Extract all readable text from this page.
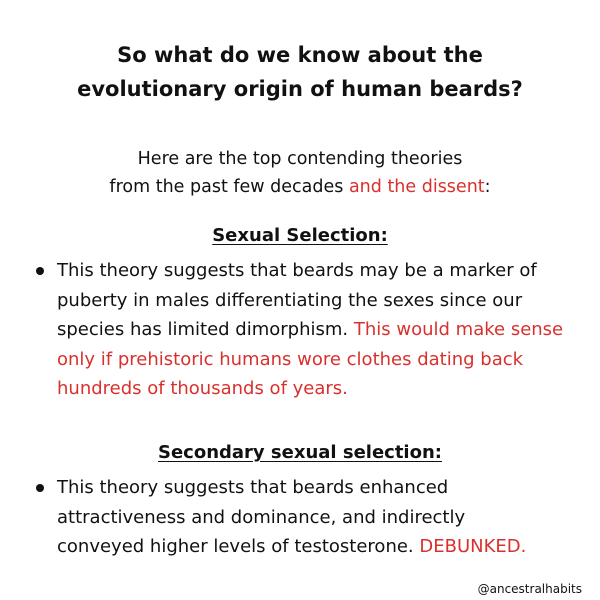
So what do we know about the
evolutionary origin of human beards?
Here are the top contending theories
from the past few decades and the dissent:
Sexual Selection:
This theory suggests that beards may be a marker of
puberty in males differentiating the sexes since our
species has limited dimorphism. This would make sense
only if prehistoric humans wore clothes dating back
hundreds of thousands of years.
Secondary sexual selection:
This theory suggests that beards enhanced
attractiveness and dominance, and indirectly
conveyed higher levels of testosterone. DEBUNKED.
@ancestralhabits
